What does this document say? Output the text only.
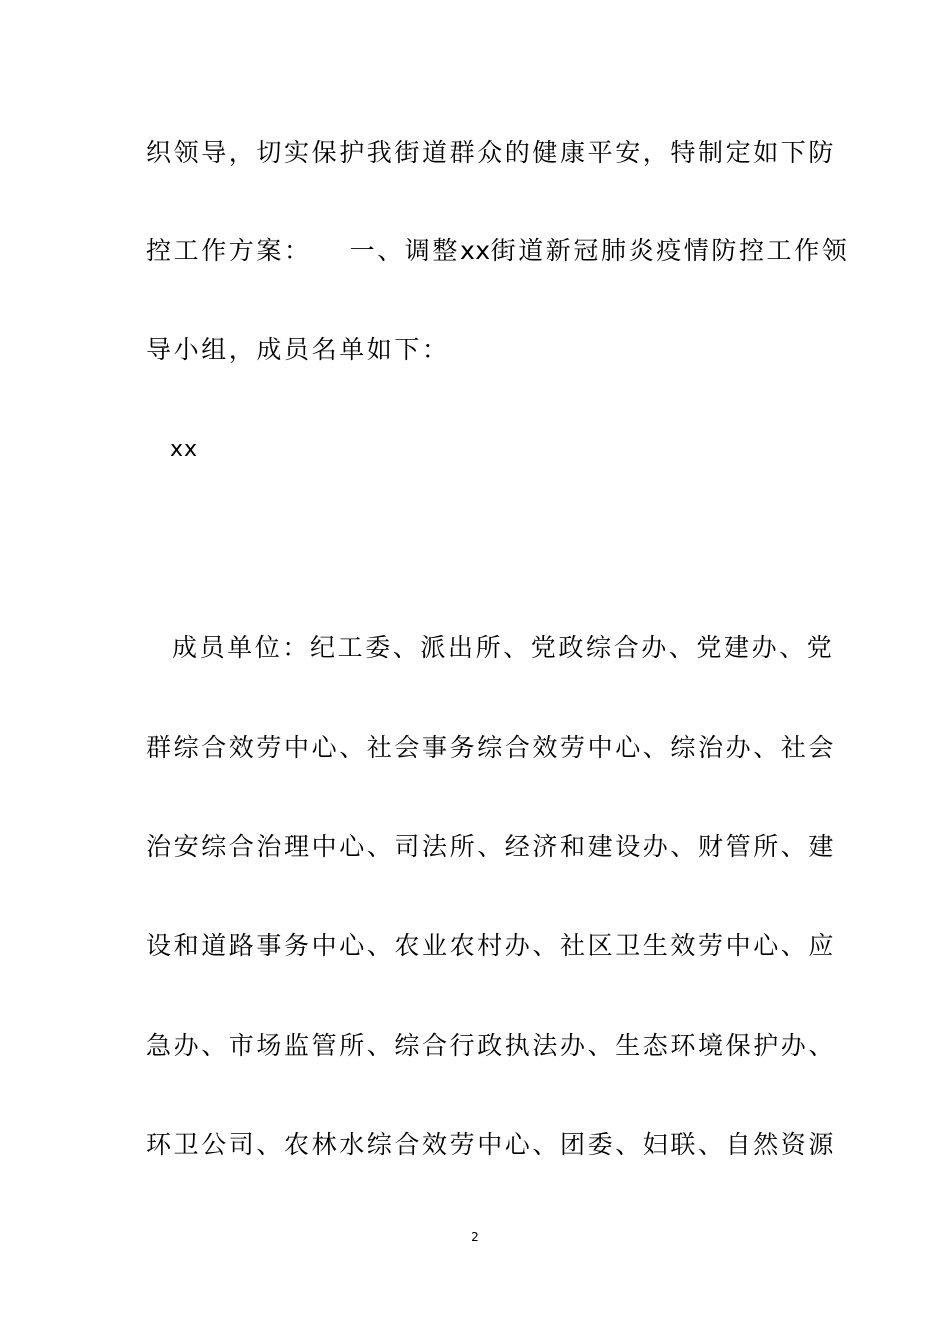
织领导，切实保护我街道群众的健康平安，特制定如下防
控工作方案： 一、调整xx街道新冠肺炎疫情防控工作领
导小组，成员名单如下：
xx
成员单位：纪工委、派出所、党政综合办、党建办、党
群综合效劳中心、社会事务综合效劳中心、综治办、社会
治安综合治理中心、司法所、经济和建设办、财管所、建
设和道路事务中心、农业农村办、社区卫生效劳中心、应
急办、市场监管所、综合行政执法办、生态环境保护办、
环卫公司、农林水综合效劳中心、团委、妇联、自然资源
2
